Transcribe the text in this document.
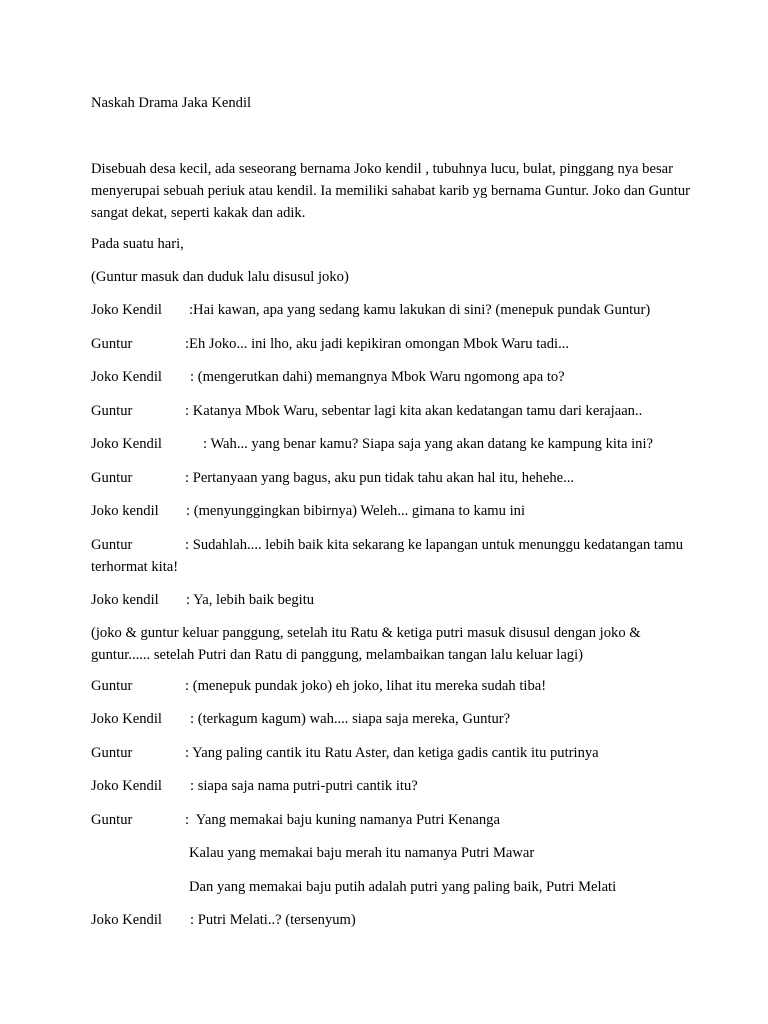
Naskah Drama Jaka Kendil
Disebuah desa kecil, ada seseorang bernama Joko kendil , tubuhnya lucu, bulat, pinggang nya besar menyerupai sebuah periuk atau kendil. Ia memiliki sahabat karib yg bernama Guntur. Joko dan Guntur sangat dekat, seperti kakak dan adik.
Pada suatu hari,
(Guntur masuk dan duduk lalu disusul joko)
Joko Kendil	:Hai kawan, apa yang sedang kamu lakukan di sini? (menepuk pundak Guntur)
Guntur	:Eh Joko... ini lho, aku jadi kepikiran omongan Mbok Waru tadi...
Joko Kendil	: (mengerutkan dahi) memangnya Mbok Waru ngomong apa to?
Guntur	: Katanya Mbok Waru, sebentar lagi kita akan kedatangan tamu dari kerajaan..
Joko Kendil	: Wah... yang benar kamu? Siapa saja yang akan datang ke kampung kita ini?
Guntur	: Pertanyaan yang bagus, aku pun tidak tahu akan hal itu, hehehe...
Joko kendil	: (menyunggingkan bibirnya) Weleh... gimana to kamu ini
Guntur	: Sudahlah.... lebih baik kita sekarang ke lapangan untuk menunggu kedatangan tamu terhormat kita!
Joko kendil	: Ya, lebih baik begitu
(joko & guntur keluar panggung, setelah itu Ratu & ketiga putri masuk disusul dengan joko & guntur...... setelah Putri dan Ratu di panggung, melambaikan tangan lalu keluar lagi)
Guntur	: (menepuk pundak joko) eh joko, lihat itu mereka sudah tiba!
Joko Kendil	: (terkagum kagum) wah.... siapa saja mereka, Guntur?
Guntur	: Yang paling cantik itu Ratu Aster, dan ketiga gadis cantik itu putrinya
Joko Kendil	: siapa saja nama putri-putri cantik itu?
Guntur	:  Yang memakai baju kuning namanya Putri Kenanga
Kalau yang memakai baju merah itu namanya Putri Mawar
Dan yang memakai baju putih adalah putri yang paling baik, Putri Melati
Joko Kendil	: Putri Melati..? (tersenyum)
